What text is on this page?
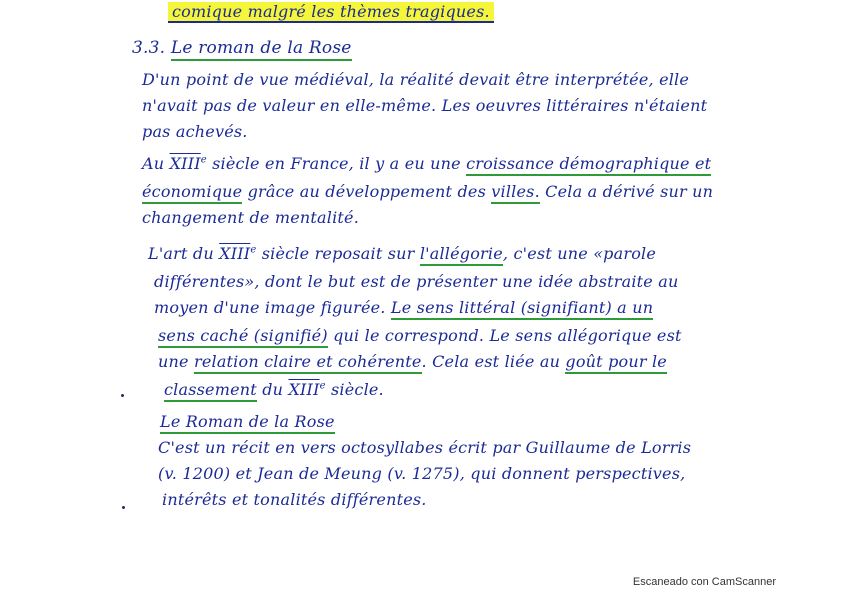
comique malgré les thèmes tragiques.
3.3. Le roman de la Rose
D'un point de vue médiéval, la réalité devait être interprétée, elle
n'avait pas de valeur en elle-même. Les oeuvres littéraires n'étaient
pas achevés.
Au XIIIe siècle en France, il y a eu une croissance démographique et
économique grâce au développement des villes. Cela a dérivé sur un
changement de mentalité.
L'art du XIIIe siècle reposait sur l'allégorie, c'est une «parole
différentes», dont le but est de présenter une idée abstraite au
moyen d'une image figurée. Le sens littéral (signifiant) a un
sens caché (signifié) qui le correspond. Le sens allégorique est
une relation claire et cohérente. Cela est liée au goût pour le
classement du XIIIe siècle.
Le Roman de la Rose
C'est un récit en vers octosyllabes écrit par Guillaume de Lorris
(v. 1200) et Jean de Meung (v. 1275), qui donnent perspectives,
intérêts et tonalités différentes.
Escaneado con CamScanner
